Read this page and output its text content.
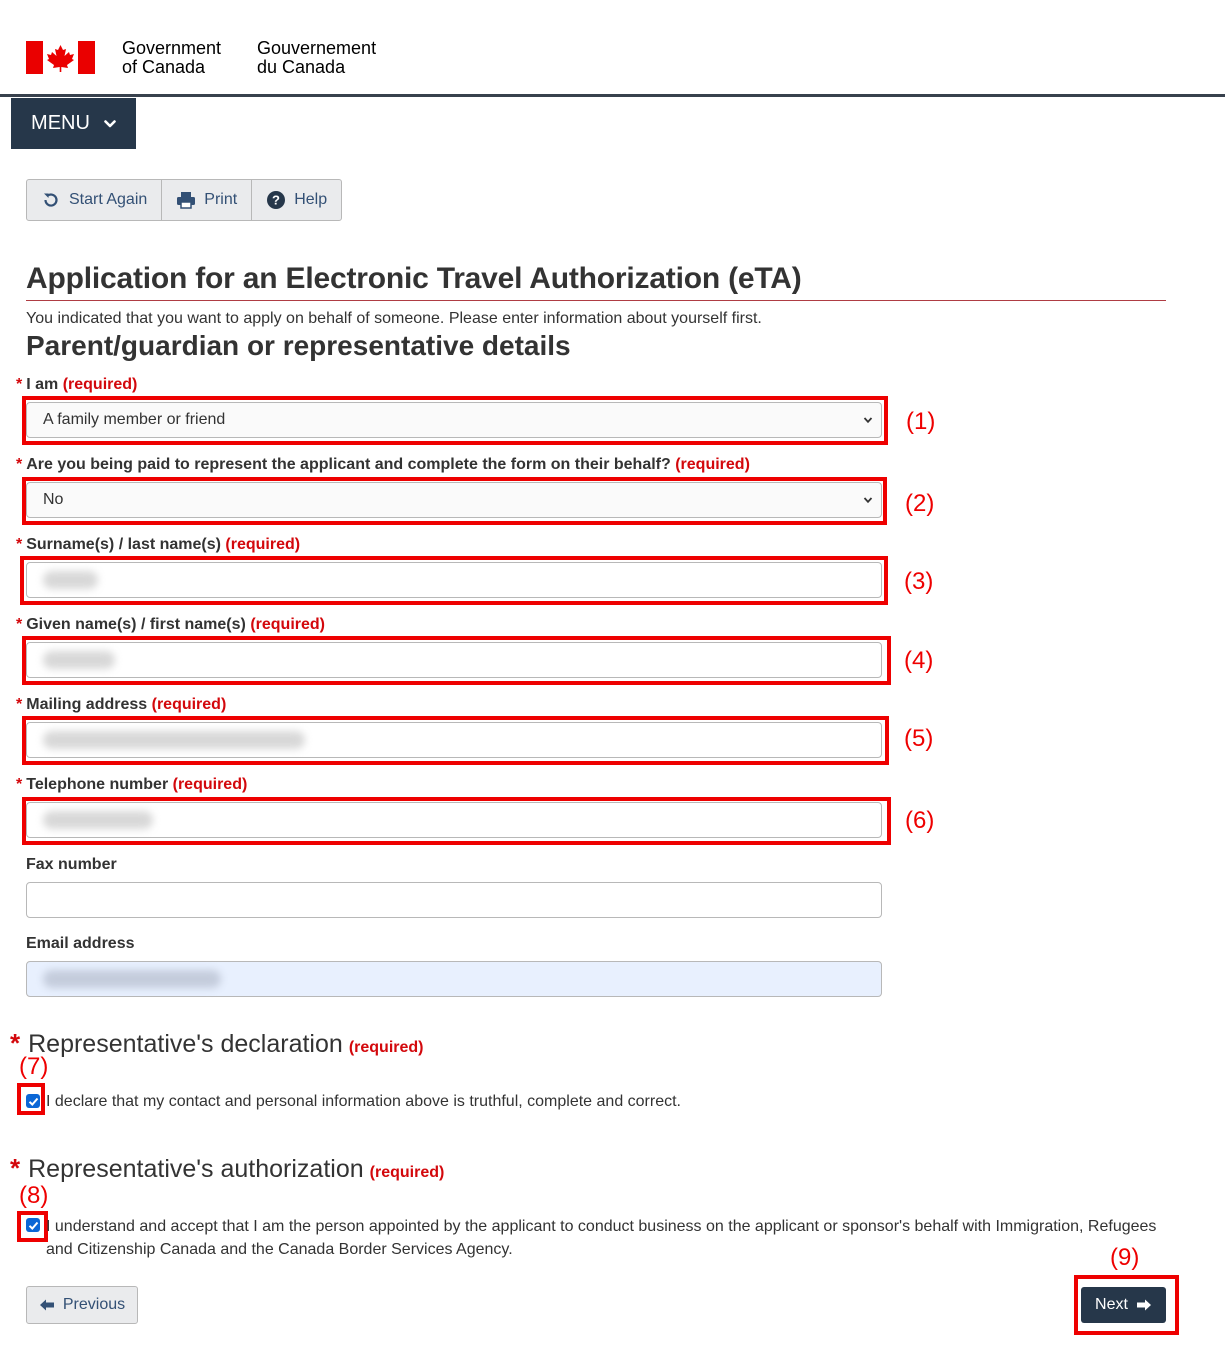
Government
of Canada
Gouvernement
du Canada
MENU
Start Again	Print	? Help
Application for an Electronic Travel Authorization (eTA)

You indicated that you want to apply on behalf of someone. Please enter information about yourself first.

Parent/guardian or representative details
* I am (required)
A family member or friend	(1)
* Are you being paid to represent the applicant and complete the form on their behalf? (required)
No	(2)
* Surname(s) / last name(s) (required)
(3)
* Given name(s) / first name(s) (required)
(4)
* Mailing address (required)
(5)
* Telephone number (required)
(6)
Fax number
Email address
* Representative's declaration (required)
(7)
I declare that my contact and personal information above is truthful, complete and correct.
* Representative's authorization (required)
(8)
I understand and accept that I am the person appointed by the applicant to conduct business on the applicant or sponsor's behalf with Immigration, Refugees and Citizenship Canada and the Canada Border Services Agency.
Previous
(9)
Next
